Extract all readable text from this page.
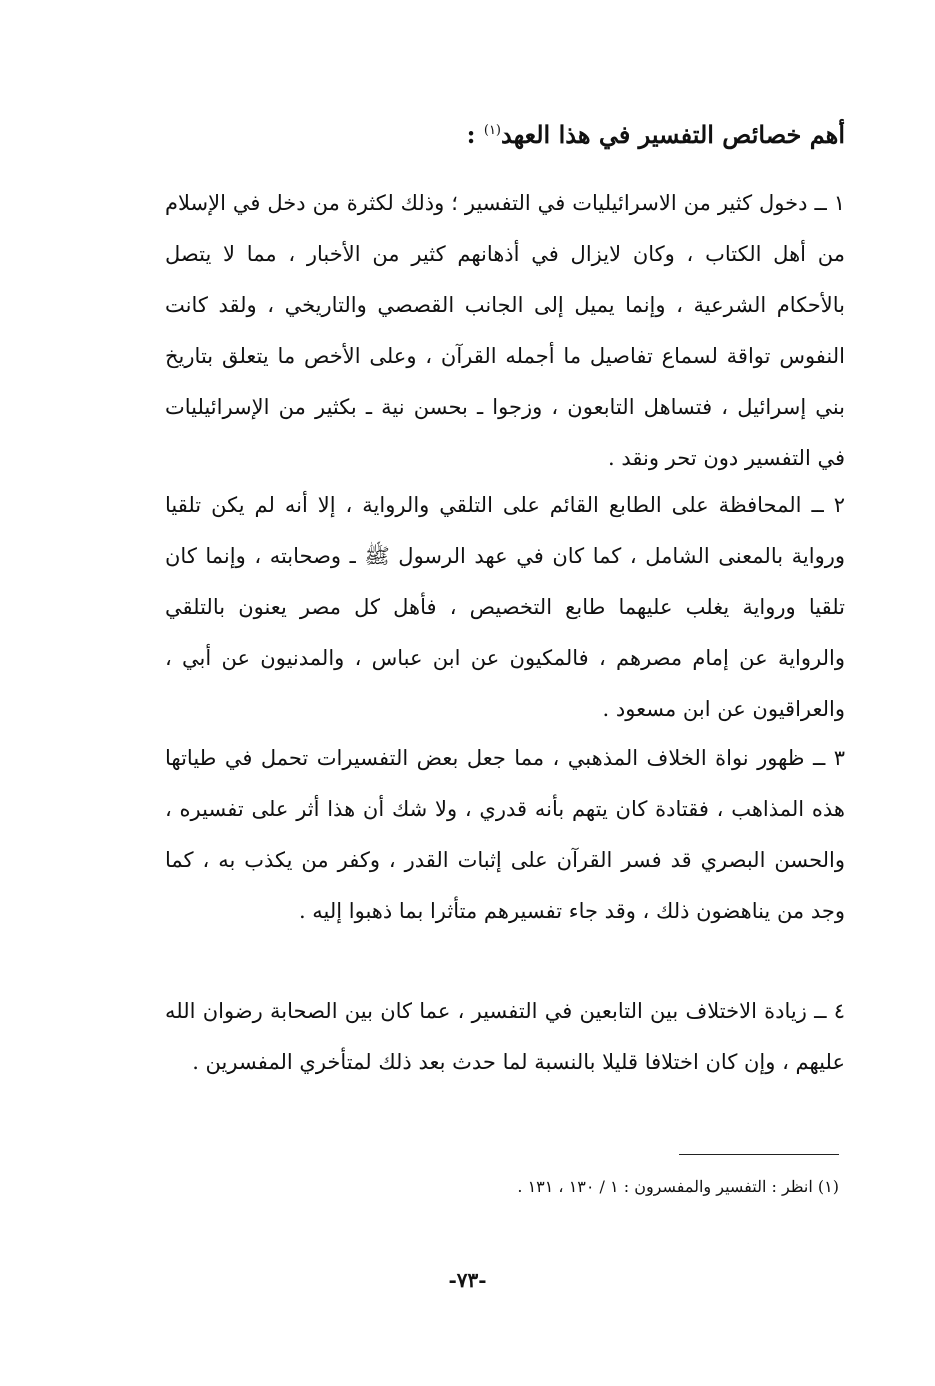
أهم خصائص التفسير في هذا العهد$^{(١)}$ :

١ ــ دخول كثير من الاسرائيليات في التفسير ؛ وذلك لكثرة من دخل في الإسلام من أهل الكتاب ، وكان لايزال في أذهانهم كثير من الأخبار ، مما لا يتصل بالأحكام الشرعية ، وإنما يميل إلى الجانب القصصي والتاريخي ، ولقد كانت النفوس تواقة لسماع تفاصيل ما أجمله القرآن ، وعلى الأخص ما يتعلق بتاريخ بني إسرائيل ، فتساهل التابعون ، وزجوا ـ بحسن نية ـ بكثير من الإسرائيليات في التفسير دون تحر ونقد .

٢ ــ المحافظة على الطابع القائم على التلقي والرواية ، إلا أنه لم يكن تلقيا ورواية بالمعنى الشامل ، كما كان في عهد الرسول ﷺ ـ وصحابته ، وإنما كان تلقيا ورواية يغلب عليهما طابع التخصيص ، فأهل كل مصر يعنون بالتلقي والرواية عن إمام مصرهم ، فالمكيون عن ابن عباس ، والمدنيون عن أبي ، والعراقيون عن ابن مسعود .

٣ ــ ظهور نواة الخلاف المذهبي ، مما جعل بعض التفسيرات تحمل في طياتها هذه المذاهب ، فقتادة كان يتهم بأنه قدري ، ولا شك أن هذا أثر على تفسيره ، والحسن البصري قد فسر القرآن على إثبات القدر ، وكفر من يكذب به ، كما وجد من يناهضون ذلك ، وقد جاء تفسيرهم متأثرا بما ذهبوا إليه .

٤ ــ زيادة الاختلاف بين التابعين في التفسير ، عما كان بين الصحابة رضوان الله عليهم ، وإن كان اختلافا قليلا بالنسبة لما حدث بعد ذلك لمتأخري المفسرين .

(١) انظر : التفسير والمفسرون : ١ / ١٣٠ ، ١٣١ .
-٧٣-
